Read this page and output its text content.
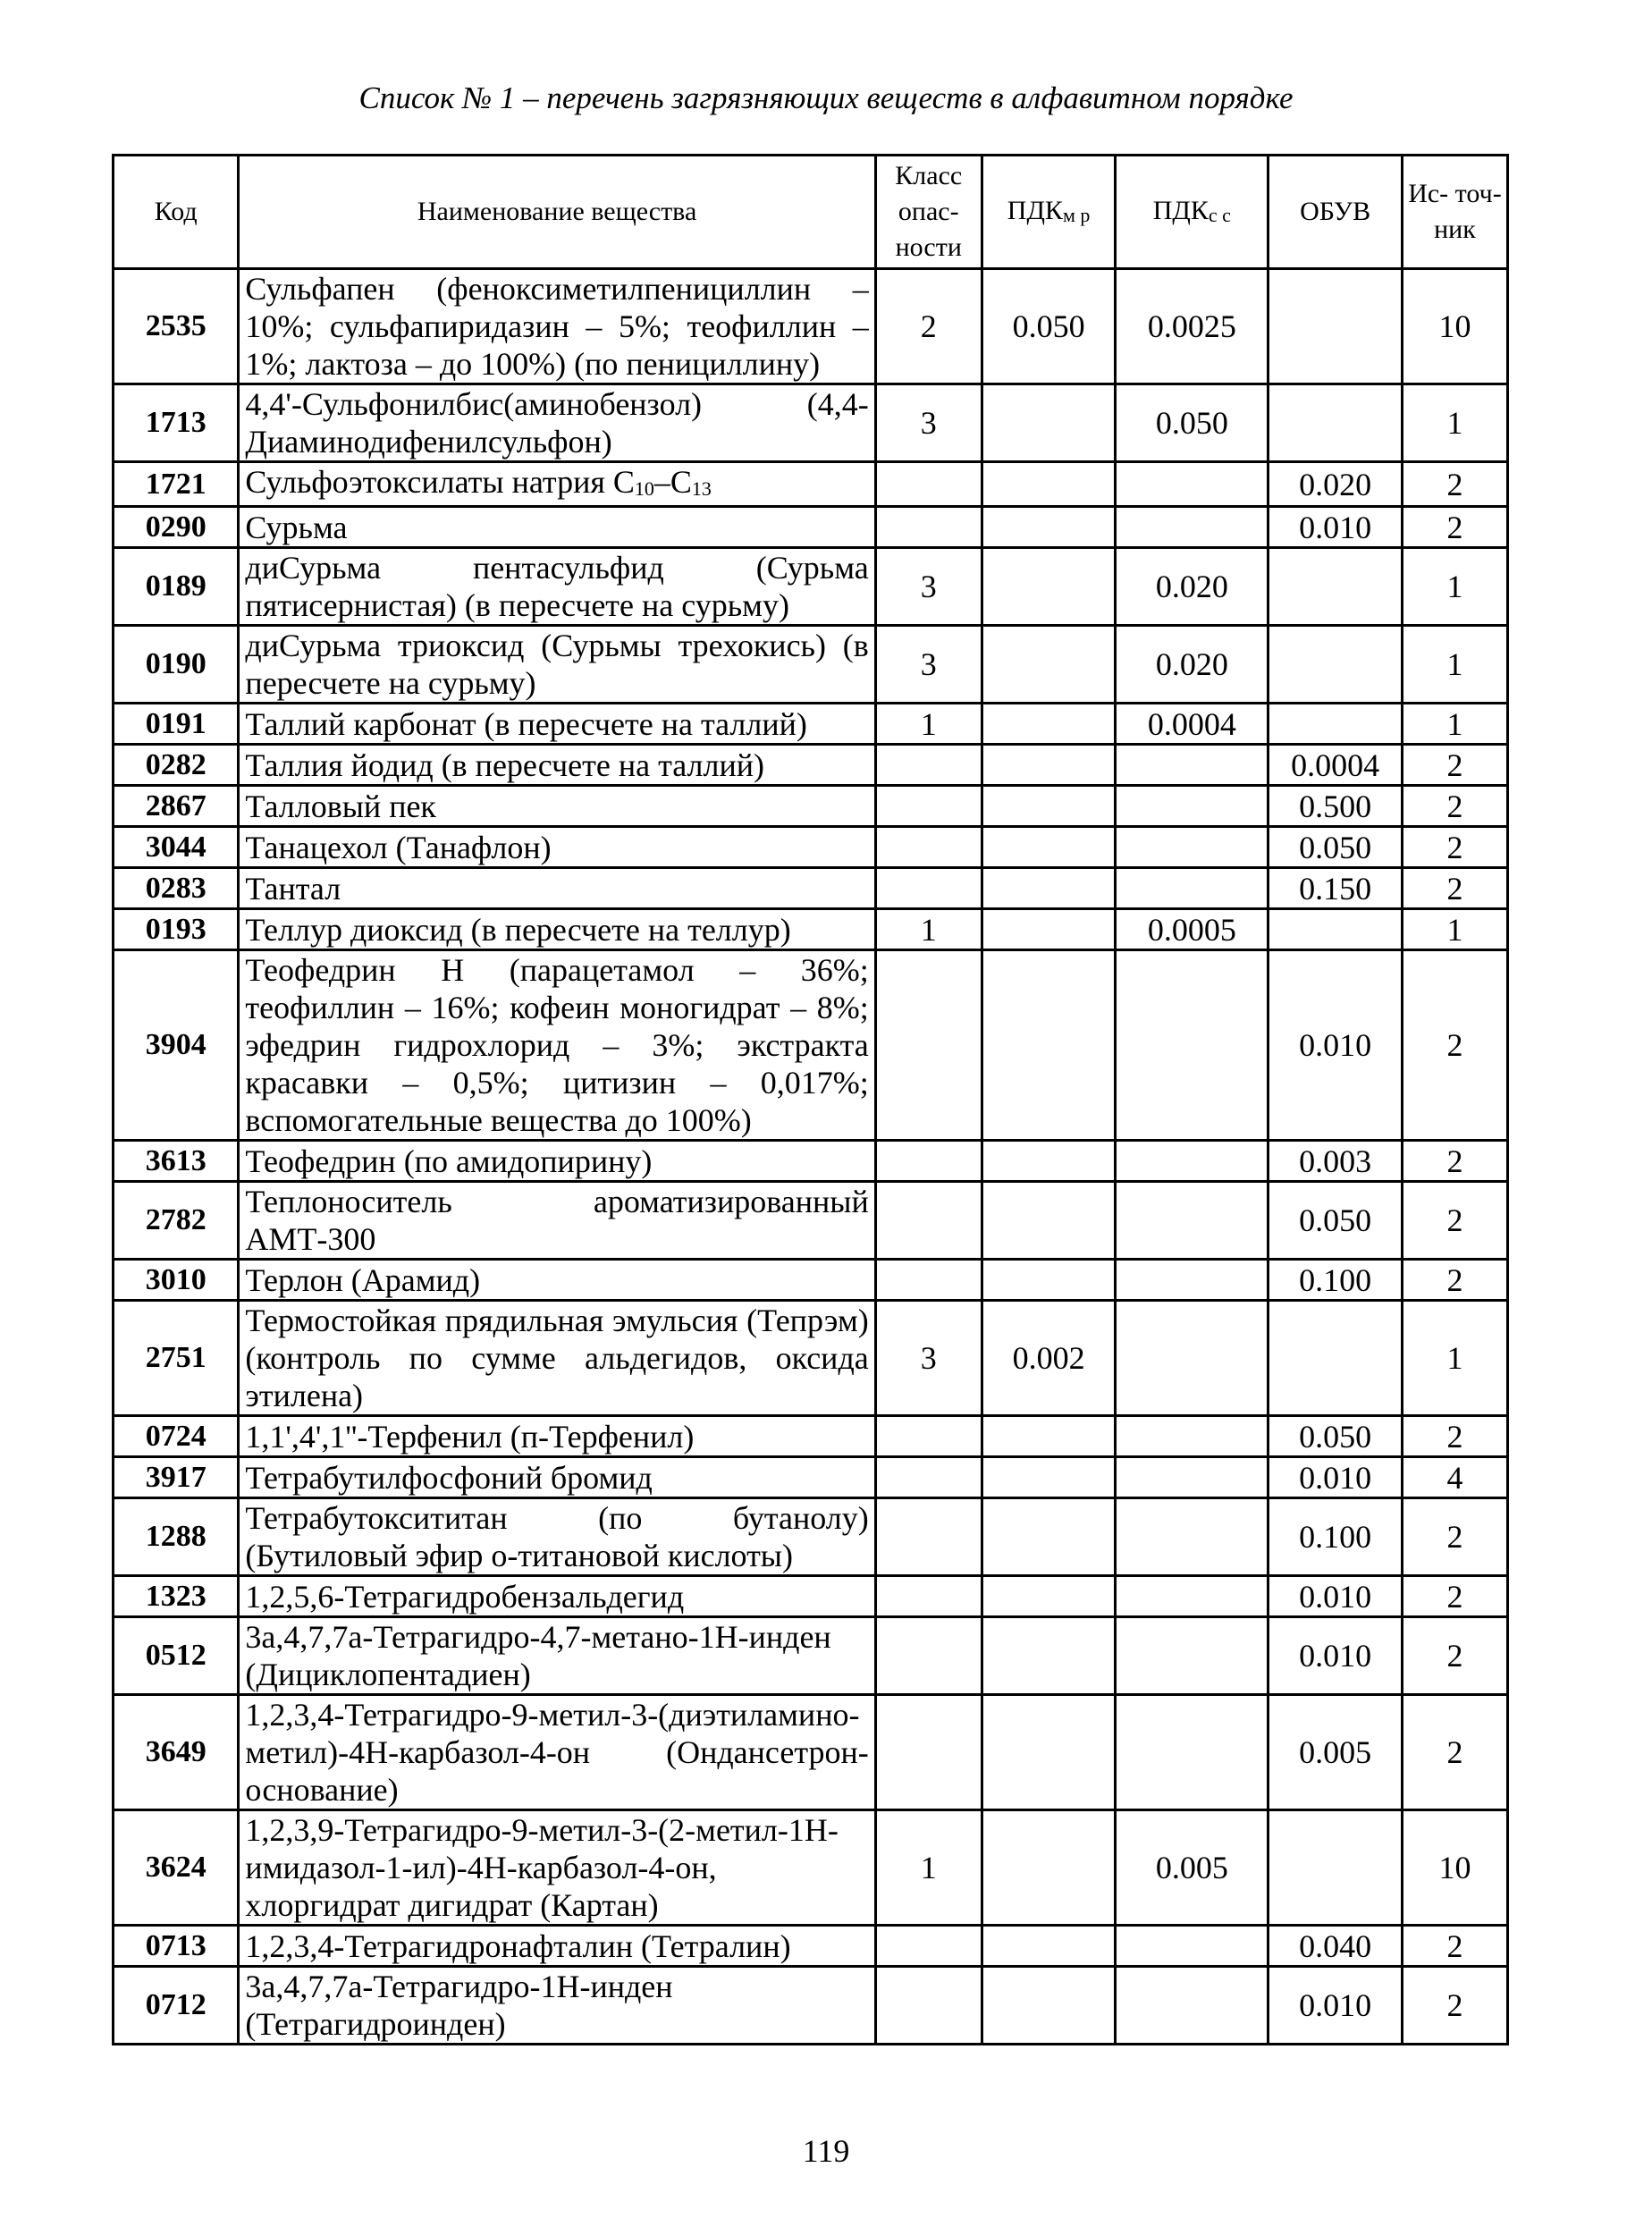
Список № 1 – перечень загрязняющих веществ в алфавитном порядке
Код	Наименование вещества	Класс опас- ности	ПДКм р	ПДКс с	ОБУВ	Ис- точ- ник
2535	Сульфапен (феноксиметилпенициллин – 10%; сульфапиридазин – 5%; теофиллин – 1%; лактоза – до 100%) (по пенициллину)	2	0.050	0.0025		10
1713	4,4'-Сульфонилбис(аминобензол) (4,4-Диаминодифенилсульфон)	3		0.050		1
1721	Сульфоэтоксилаты натрия C10–C13				0.020	2
0290	Сурьма				0.010	2
0189	диСурьма пентасульфид (Сурьма пятисернистая) (в пересчете на сурьму)	3		0.020		1
0190	диСурьма триоксид (Сурьмы трехокись) (в пересчете на сурьму)	3		0.020		1
0191	Таллий карбонат (в пересчете на таллий)	1		0.0004		1
0282	Таллия йодид (в пересчете на таллий)				0.0004	2
2867	Талловый пек				0.500	2
3044	Танацехол (Танафлон)				0.050	2
0283	Тантал				0.150	2
0193	Теллур диоксид (в пересчете на теллур)	1		0.0005		1
3904	Теофедрин Н (парацетамол – 36%; теофиллин – 16%; кофеин моногидрат – 8%; эфедрин гидрохлорид – 3%; экстракта красавки – 0,5%; цитизин – 0,017%; вспомогательные вещества до 100%)				0.010	2
3613	Теофедрин (по амидопирину)				0.003	2
2782	Теплоноситель ароматизированный АМТ-300				0.050	2
3010	Терлон (Арамид)				0.100	2
2751	Термостойкая прядильная эмульсия (Тепрэм) (контроль по сумме альдегидов, оксида этилена)	3	0.002			1
0724	1,1',4',1''-Терфенил (п-Терфенил)				0.050	2
3917	Тетрабутилфосфоний бромид				0.010	4
1288	Тетрабутоксититан (по бутанолу) (Бутиловый эфир о-титановой кислоты)				0.100	2
1323	1,2,5,6-Тетрагидробензальдегид				0.010	2
0512	3а,4,7,7а-Тетрагидро-4,7-метано-1Н-инден (Дициклопентадиен)				0.010	2
3649	1,2,3,4-Тетрагидро-9-метил-3-(диэтиламино-метил)-4Н-карбазол-4-он (Ондансетрон-основание)				0.005	2
3624	1,2,3,9-Тетрагидро-9-метил-3-(2-метил-1Н-имидазол-1-ил)-4Н-карбазол-4-он, хлоргидрат дигидрат (Картан)	1		0.005		10
0713	1,2,3,4-Тетрагидронафталин (Тетралин)				0.040	2
0712	3а,4,7,7а-Тетрагидро-1Н-инден (Тетрагидроинден)				0.010	2
119
